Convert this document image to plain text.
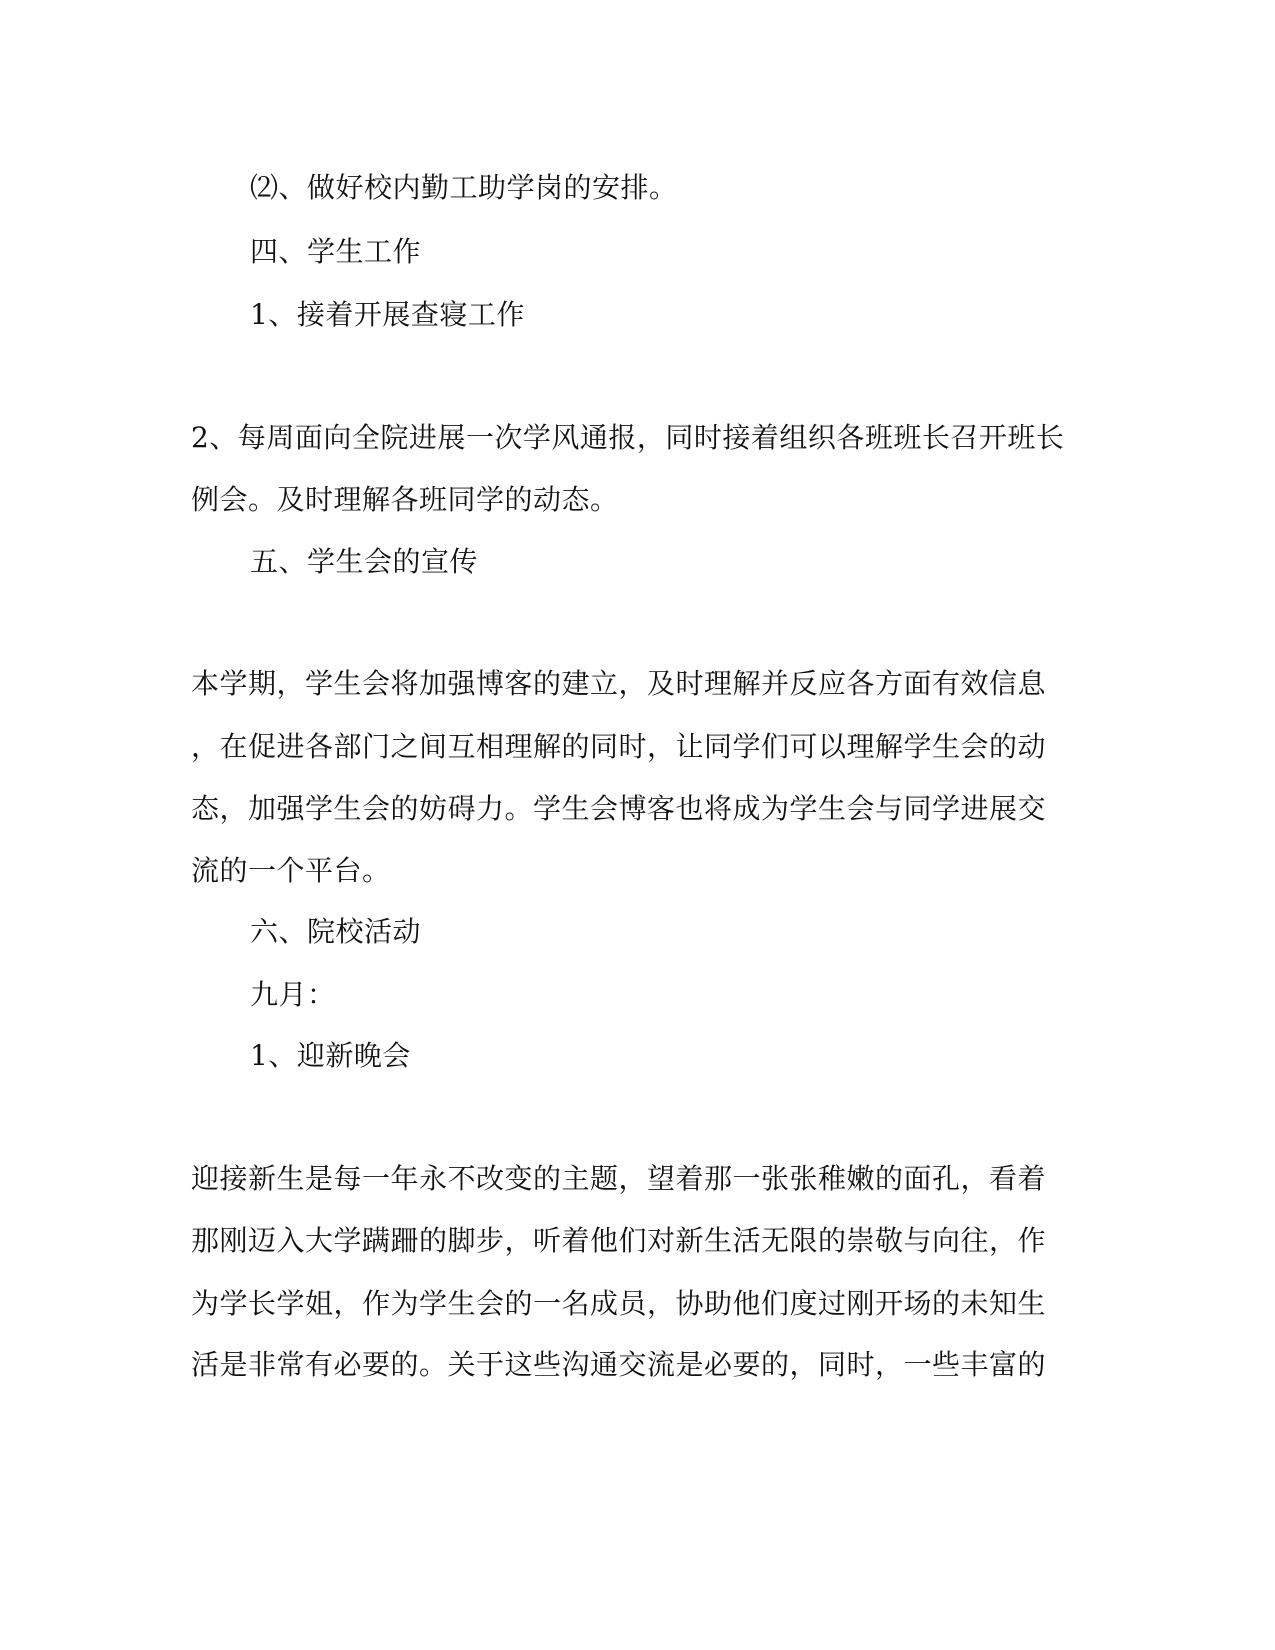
⑵、做好校内勤工助学岗的安排。
四、学生工作
1、接着开展查寝工作
2、每周面向全院进展一次学风通报，同时接着组织各班班长召开班长
例会。及时理解各班同学的动态。
五、学生会的宣传
本学期，学生会将加强博客的建立，及时理解并反应各方面有效信息
，在促进各部门之间互相理解的同时，让同学们可以理解学生会的动
态，加强学生会的妨碍力。学生会博客也将成为学生会与同学进展交
流的一个平台。
六、院校活动
九月：
1、迎新晚会
迎接新生是每一年永不改变的主题，望着那一张张稚嫩的面孔，看着
那刚迈入大学蹒跚的脚步，听着他们对新生活无限的崇敬与向往，作
为学长学姐，作为学生会的一名成员，协助他们度过刚开场的未知生
活是非常有必要的。关于这些沟通交流是必要的，同时，一些丰富的
